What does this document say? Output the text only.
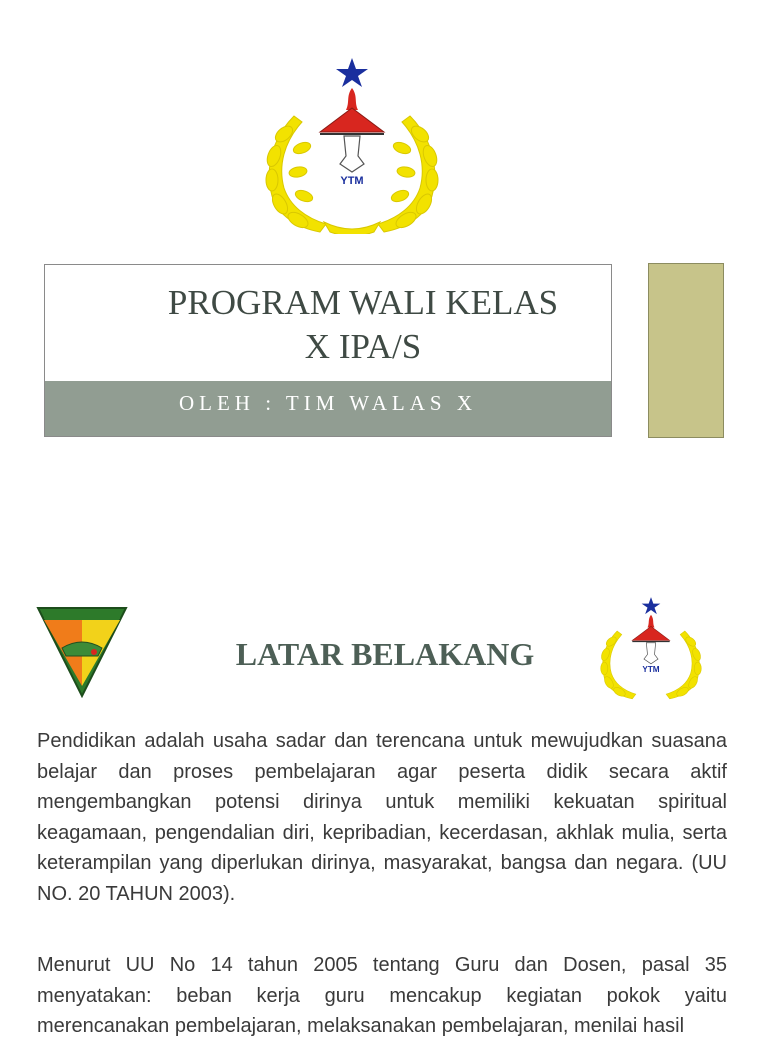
YTM
PROGRAM WALI KELAS
X IPA/S
OLEH : TIM WALAS X
LATAR BELAKANG	YTM

Pendidikan adalah usaha sadar dan terencana untuk mewujudkan suasana belajar dan proses pembelajaran agar peserta didik secara aktif mengembangkan potensi dirinya untuk memiliki kekuatan spiritual keagamaan, pengendalian diri, kepribadian, kecerdasan, akhlak mulia, serta keterampilan yang diperlukan dirinya, masyarakat, bangsa dan negara. (UU NO. 20 TAHUN 2003).

Menurut UU No 14 tahun 2005 tentang Guru dan Dosen, pasal 35 menyatakan: beban kerja guru mencakup kegiatan pokok yaitu merencanakan pembelajaran, melaksanakan pembelajaran, menilai hasil
